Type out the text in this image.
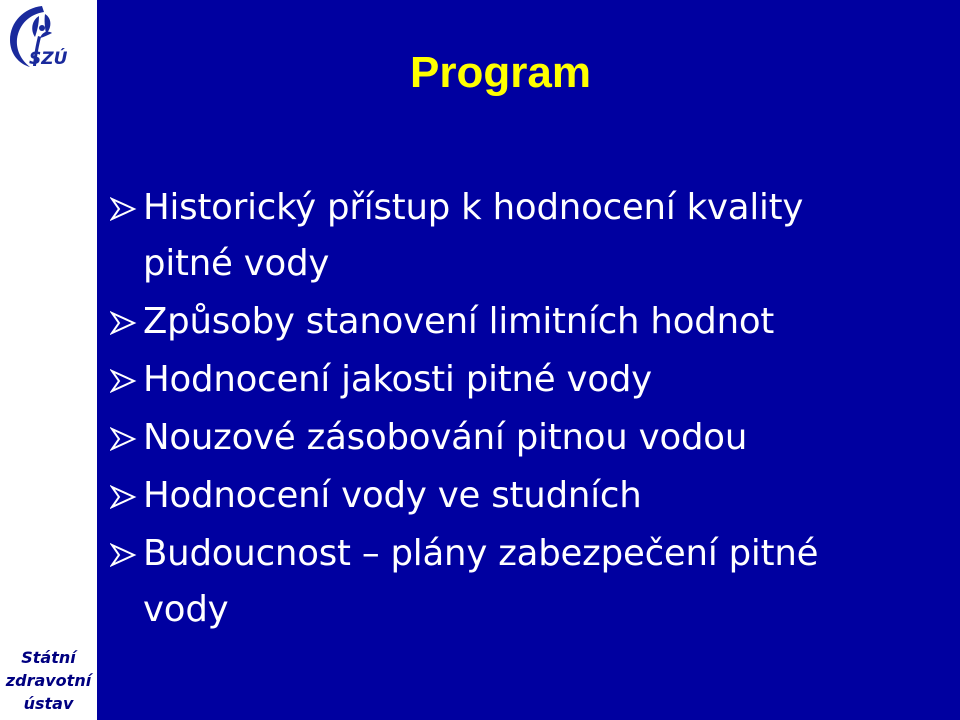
SZÚ
Státní
zdravotní
ústav
Program
Historický přístup k hodnocení kvality pitné vody
Způsoby stanovení limitních hodnot
Hodnocení jakosti pitné vody
Nouzové zásobování pitnou vodou
Hodnocení vody ve studních
Budoucnost – plány zabezpečení pitné vody
